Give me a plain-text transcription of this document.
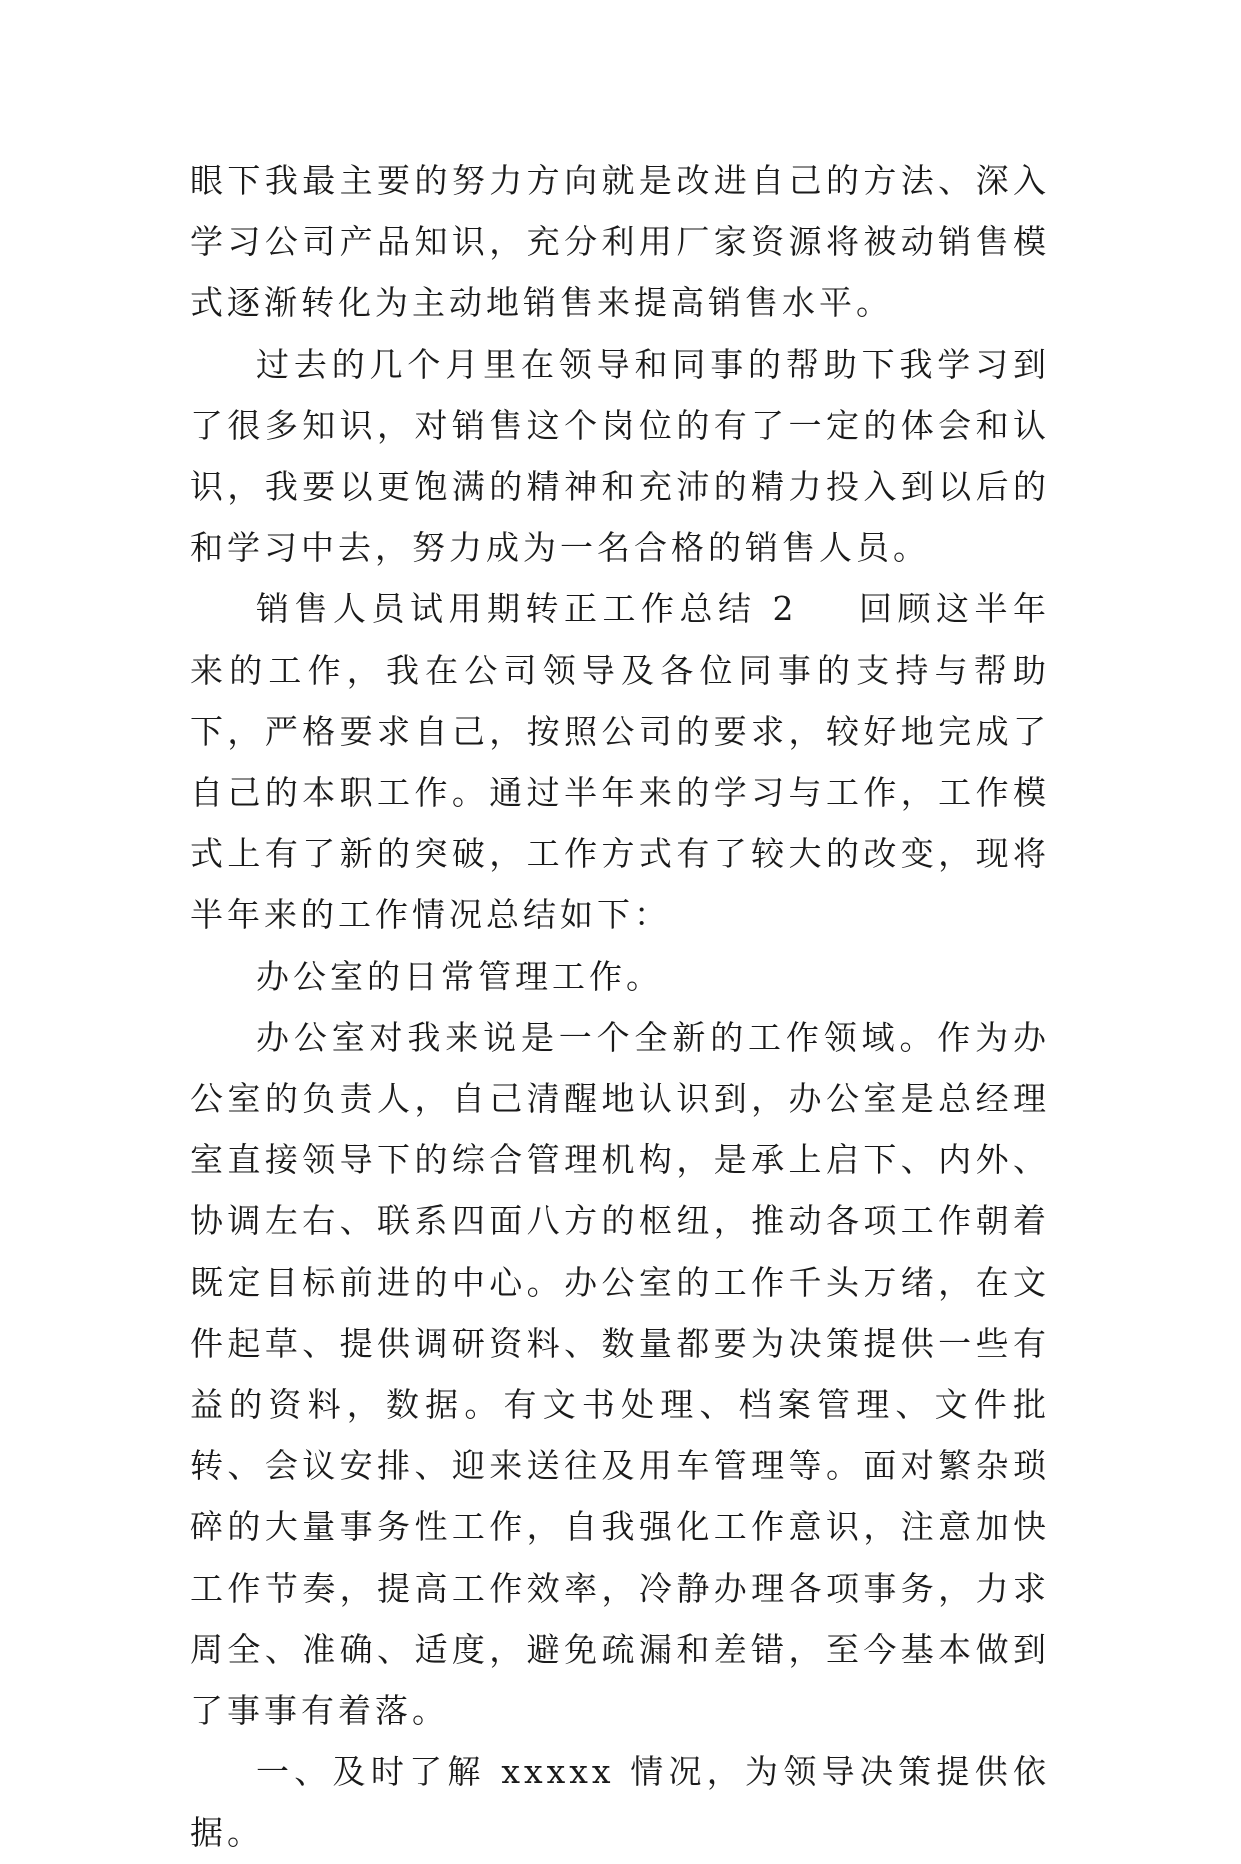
眼下我最主要的努力方向就是改进自己的方法、深入学习公司产品知识，充分利用厂家资源将被动销售模式逐渐转化为主动地销售来提高销售水平。

过去的几个月里在领导和同事的帮助下我学习到了很多知识，对销售这个岗位的有了一定的体会和认识，我要以更饱满的精神和充沛的精力投入到以后的和学习中去，努力成为一名合格的销售人员。

销售人员试用期转正工作总结 2 回顾这半年来的工作，我在公司领导及各位同事的支持与帮助下，严格要求自己，按照公司的要求，较好地完成了自己的本职工作。通过半年来的学习与工作，工作模式上有了新的突破，工作方式有了较大的改变，现将半年来的工作情况总结如下：

办公室的日常管理工作。

办公室对我来说是一个全新的工作领域。作为办公室的负责人，自己清醒地认识到，办公室是总经理室直接领导下的综合管理机构，是承上启下、内外、协调左右、联系四面八方的枢纽，推动各项工作朝着既定目标前进的中心。办公室的工作千头万绪，在文件起草、提供调研资料、数量都要为决策提供一些有益的资料，数据。有文书处理、档案管理、文件批转、会议安排、迎来送往及用车管理等。面对繁杂琐碎的大量事务性工作，自我强化工作意识，注意加快工作节奏，提高工作效率，冷静办理各项事务，力求周全、准确、适度，避免疏漏和差错，至今基本做到了事事有着落。

一、及时了解 xxxxx 情况，为领导决策提供依据。
